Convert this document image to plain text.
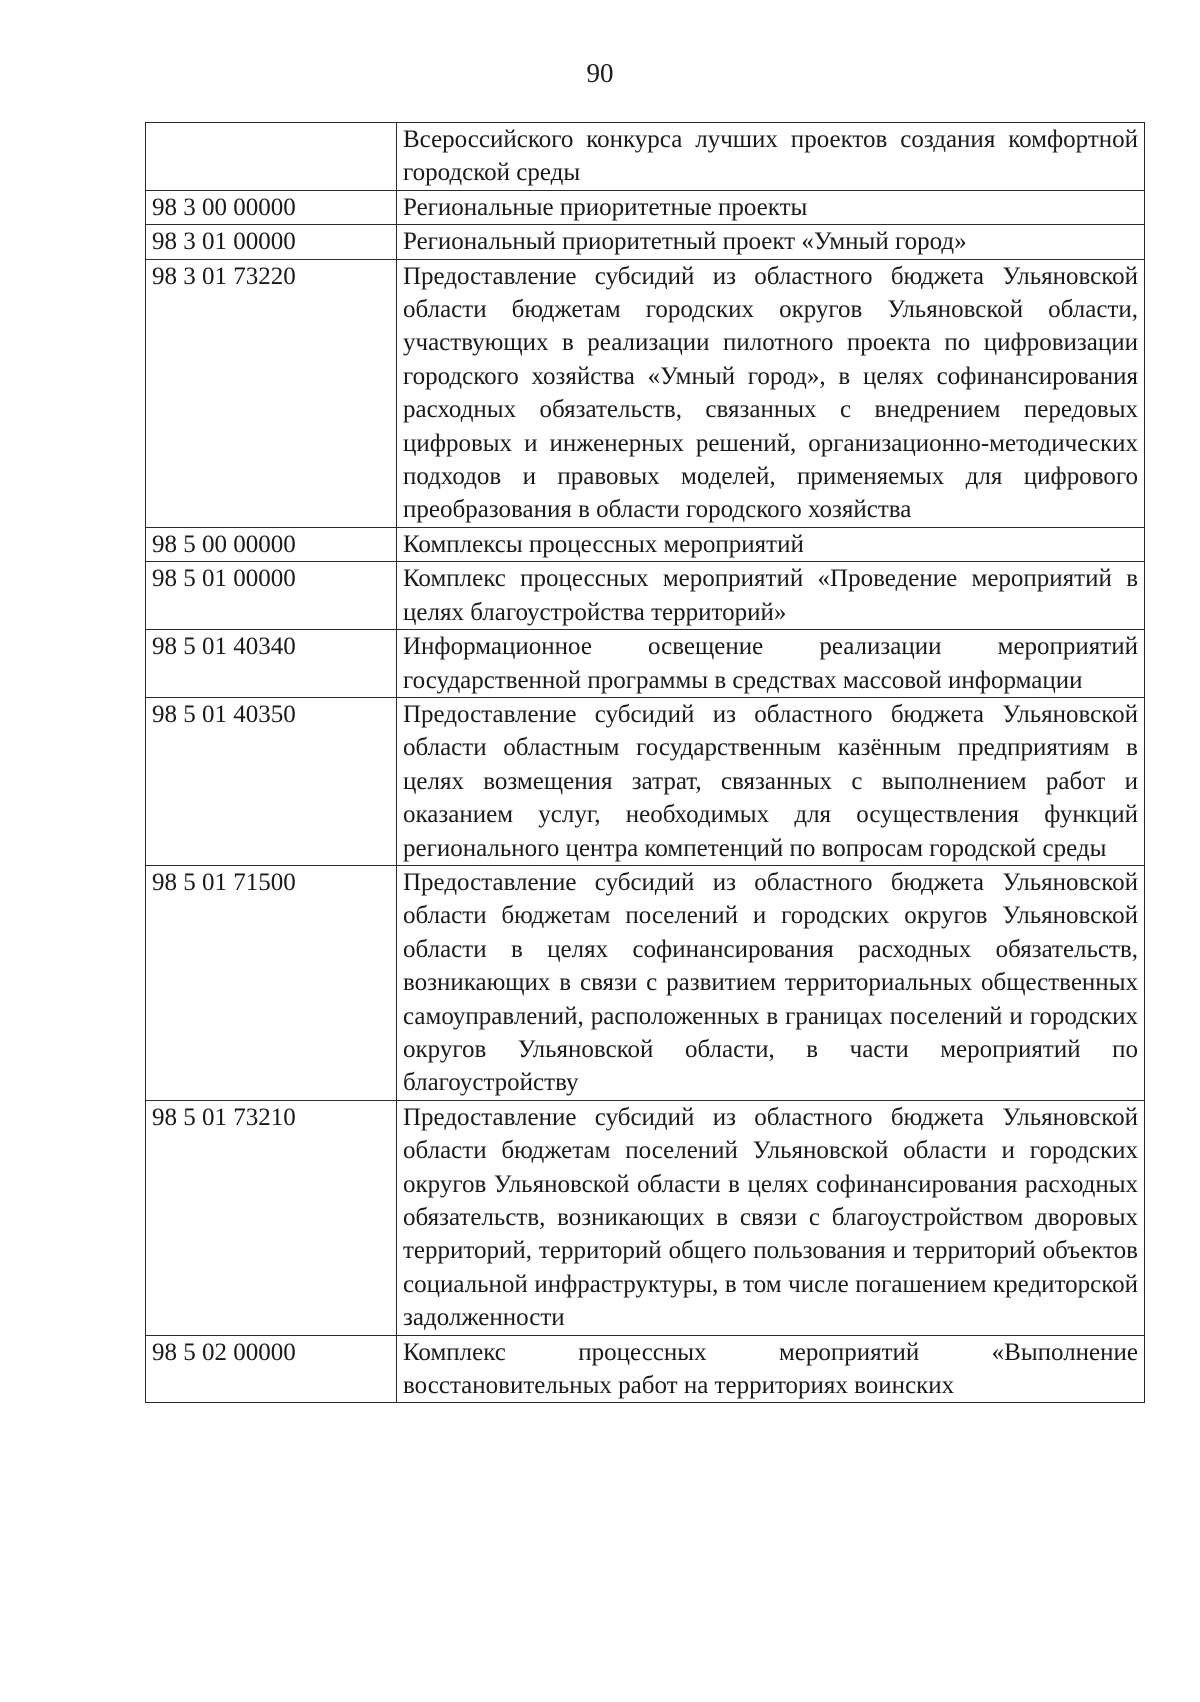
90
	Всероссийского конкурса лучших проектов создания комфортной городской среды
98 3 00 00000	Региональные приоритетные проекты
98 3 01 00000	Региональный приоритетный проект «Умный город»
98 3 01 73220	Предоставление субсидий из областного бюджета Ульяновской области бюджетам городских округов Ульяновской области, участвующих в реализации пилотного проекта по цифровизации городского хозяйства «Умный город», в целях софинансирования расходных обязательств, связанных с внедрением передовых цифровых и инженерных решений, организационно-методических подходов и правовых моделей, применяемых для цифрового преобразования в области городского хозяйства
98 5 00 00000	Комплексы процессных мероприятий
98 5 01 00000	Комплекс процессных мероприятий «Проведение мероприятий в целях благоустройства территорий»
98 5 01 40340	Информационное освещение реализации мероприятий государственной программы в средствах массовой информации
98 5 01 40350	Предоставление субсидий из областного бюджета Ульяновской области областным государственным казённым предприятиям в целях возмещения затрат, связанных с выполнением работ и оказанием услуг, необходимых для осуществления функций регионального центра компетенций по вопросам городской среды
98 5 01 71500	Предоставление субсидий из областного бюджета Ульяновской области бюджетам поселений и городских округов Ульяновской области в целях софинансирования расходных обязательств, возникающих в связи с развитием территориальных общественных самоуправлений, расположенных в границах поселений и городских округов Ульяновской области, в части мероприятий по благоустройству
98 5 01 73210	Предоставление субсидий из областного бюджета Ульяновской области бюджетам поселений Ульяновской области и городских округов Ульяновской области в целях софинансирования расходных обязательств, возникающих в связи с благоустройством дворовых территорий, территорий общего пользования и территорий объектов социальной инфраструктуры, в том числе погашением кредиторской задолженности
98 5 02 00000	Комплекс процессных мероприятий «Выполнение восстановительных работ на территориях воинских
